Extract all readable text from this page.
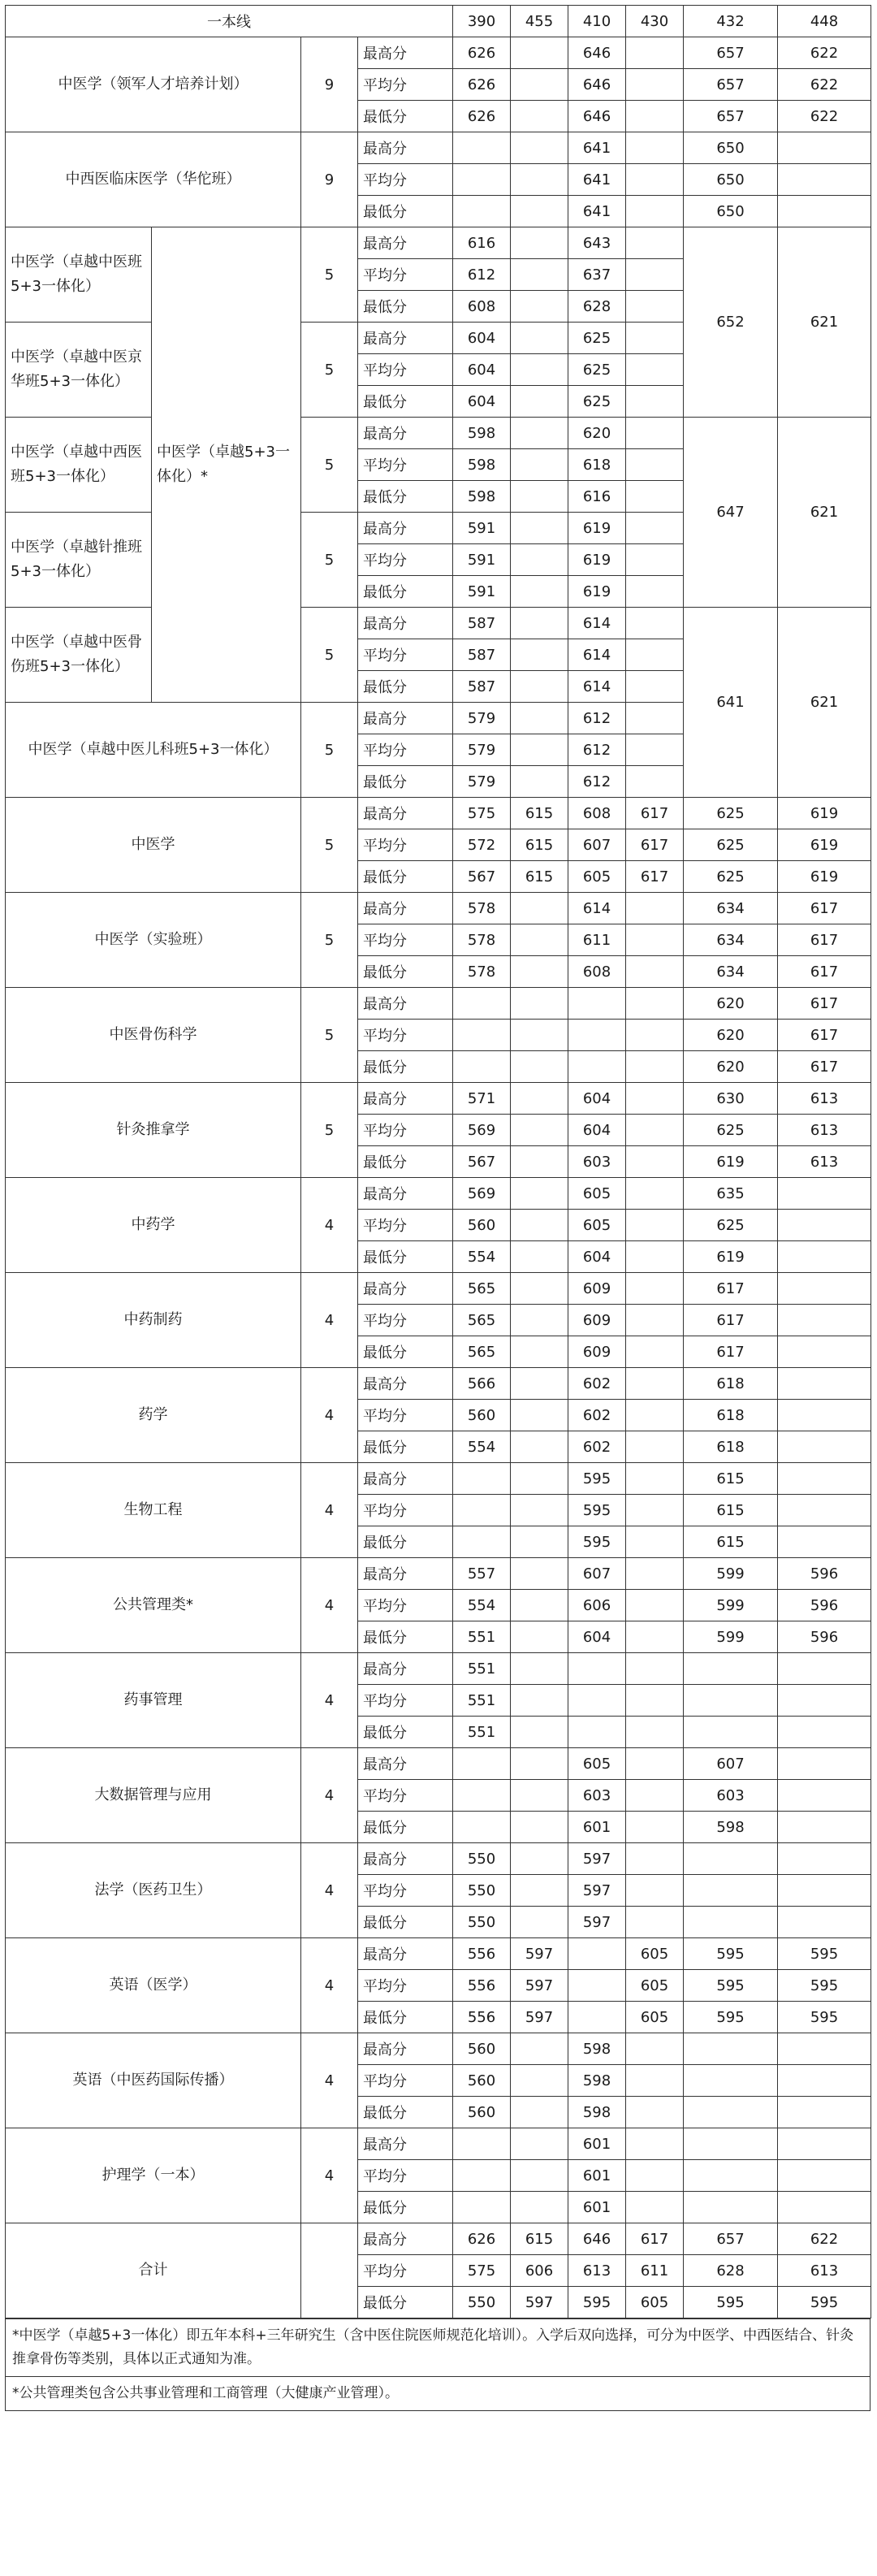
一本线				390	455	410	430	432	448
中医学（领军人才培养计划）		9	最高分	626		646		657	622
			平均分	626		646		657	622
			最低分	626		646		657	622
中西医临床医学（华佗班）		9	最高分			641		650	
			平均分			641		650	
			最低分			641		650	
中医学（卓越中医班5+3一体化）	中医学（卓越5+3一体化）*	5	最高分	616		643		652	621
			平均分	612		637			
			最低分	608		628			
中医学（卓越中医京华班5+3一体化）		5	最高分	604		625			
			平均分	604		625			
			最低分	604		625			
中医学（卓越中西医班5+3一体化）		5	最高分	598		620		647	621
			平均分	598		618			
			最低分	598		616			
中医学（卓越针推班5+3一体化）		5	最高分	591		619			
			平均分	591		619			
			最低分	591		619			
中医学（卓越中医骨伤班5+3一体化）		5	最高分	587		614		641	621
			平均分	587		614			
			最低分	587		614			
中医学（卓越中医儿科班5+3一体化）		5	最高分	579		612			
			平均分	579		612			
			最低分	579		612			
中医学		5	最高分	575	615	608	617	625	619
			平均分	572	615	607	617	625	619
			最低分	567	615	605	617	625	619
中医学（实验班）		5	最高分	578		614		634	617
			平均分	578		611		634	617
			最低分	578		608		634	617
中医骨伤科学		5	最高分					620	617
			平均分					620	617
			最低分					620	617
针灸推拿学		5	最高分	571		604		630	613
			平均分	569		604		625	613
			最低分	567		603		619	613
中药学		4	最高分	569		605		635	
			平均分	560		605		625	
			最低分	554		604		619	
中药制药		4	最高分	565		609		617	
			平均分	565		609		617	
			最低分	565		609		617	
药学		4	最高分	566		602		618	
			平均分	560		602		618	
			最低分	554		602		618	
生物工程		4	最高分			595		615	
			平均分			595		615	
			最低分			595		615	
公共管理类*		4	最高分	557		607		599	596
			平均分	554		606		599	596
			最低分	551		604		599	596
药事管理		4	最高分	551					
			平均分	551					
			最低分	551					
大数据管理与应用		4	最高分			605		607	
			平均分			603		603	
			最低分			601		598	
法学（医药卫生）		4	最高分	550		597			
			平均分	550		597			
			最低分	550		597			
英语（医学）		4	最高分	556	597		605	595	595
			平均分	556	597		605	595	595
			最低分	556	597		605	595	595
英语（中医药国际传播）		4	最高分	560		598			
			平均分	560		598			
			最低分	560		598			
护理学（一本）		4	最高分			601			
			平均分			601			
			最低分			601			
合计			最高分	626	615	646	617	657	622
			平均分	575	606	613	611	628	613
			最低分	550	597	595	605	595	595
*中医学（卓越5+3一体化）即五年本科+三年研究生（含中医住院医师规范化培训）。入学后双向选择，可分为中医学、中西医结合、针灸推拿骨伤等类别，具体以正式通知为准。
*公共管理类包含公共事业管理和工商管理（大健康产业管理）。
